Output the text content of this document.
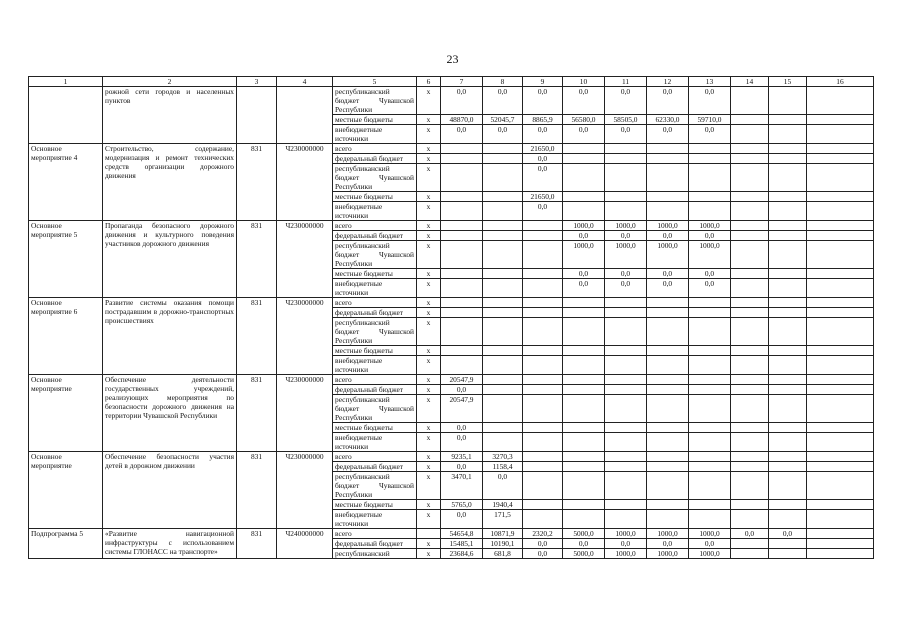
23
1	2	3	4	5	6	7	8	9	10	11	12	13	14	15	16
	рожной сети городов и населенных пунктов			республиканский бюджет Чувашской Республики	х	0,0	0,0	0,0	0,0	0,0	0,0	0,0			
				местные бюджеты	х	48870,0	52045,7	8865,9	56580,0	58505,0	62330,0	59710,0			
				внебюджетные источники	х	0,0	0,0	0,0	0,0	0,0	0,0	0,0			
Основное мероприятие 4	Строительство, содержание, модернизация и ремонт технических средств организации дорожного движения	831	Ч230000000	всего	х			21650,0							
				федеральный бюджет	х			0,0							
				республиканский бюджет Чувашской Республики	х			0,0							
				местные бюджеты	х			21650,0							
				внебюджетные источники	х			0,0							
Основное мероприятие 5	Пропаганда безопасного дорожного движения и культурного поведения участников дорожного движения	831	Ч230000000	всего	х				1000,0	1000,0	1000,0	1000,0			
				федеральный бюджет	х				0,0	0,0	0,0	0,0			
				республиканский бюджет Чувашской Республики	х				1000,0	1000,0	1000,0	1000,0			
				местные бюджеты	х				0,0	0,0	0,0	0,0			
				внебюджетные источники	х				0,0	0,0	0,0	0,0			
Основное мероприятие 6	Развитие системы оказания помощи пострадавшим в дорожно-транспортных происшествиях	831	Ч230000000	всего	х										
				федеральный бюджет	х										
				республиканский бюджет Чувашской Республики	х										
				местные бюджеты	х										
				внебюджетные источники	х										
Основное мероприятие	Обеспечение деятельности государственных учреждений, реализующих мероприятия по безопасности дорожного движения на территории Чувашской Республики	831	Ч230000000	всего	х	20547,9									
				федеральный бюджет	х	0,0									
				республиканский бюджет Чувашской Республики	х	20547,9									
				местные бюджеты	х	0,0									
				внебюджетные источники	х	0,0									
Основное мероприятие	Обеспечение безопасности участия детей в дорожном движении	831	Ч230000000	всего	х	9235,1	3270,3								
				федеральный бюджет	х	0,0	1158,4								
				республиканский бюджет Чувашской Республики	х	3470,1	0,0								
				местные бюджеты	х	5765,0	1940,4								
				внебюджетные источники	х	0,0	171,5								
Подпрограмма 5	«Развитие навигационной инфраструктуры с использованием системы ГЛОНАСС на транспорте»	831	Ч240000000	всего		54654,8	10871,9	2320,2	5000,0	1000,0	1000,0	1000,0	0,0	0,0	
				федеральный бюджет	х	15485,1	10190,1	0,0	0,0	0,0	0,0	0,0			
				республиканский	х	23684,6	681,8	0,0	5000,0	1000,0	1000,0	1000,0			
